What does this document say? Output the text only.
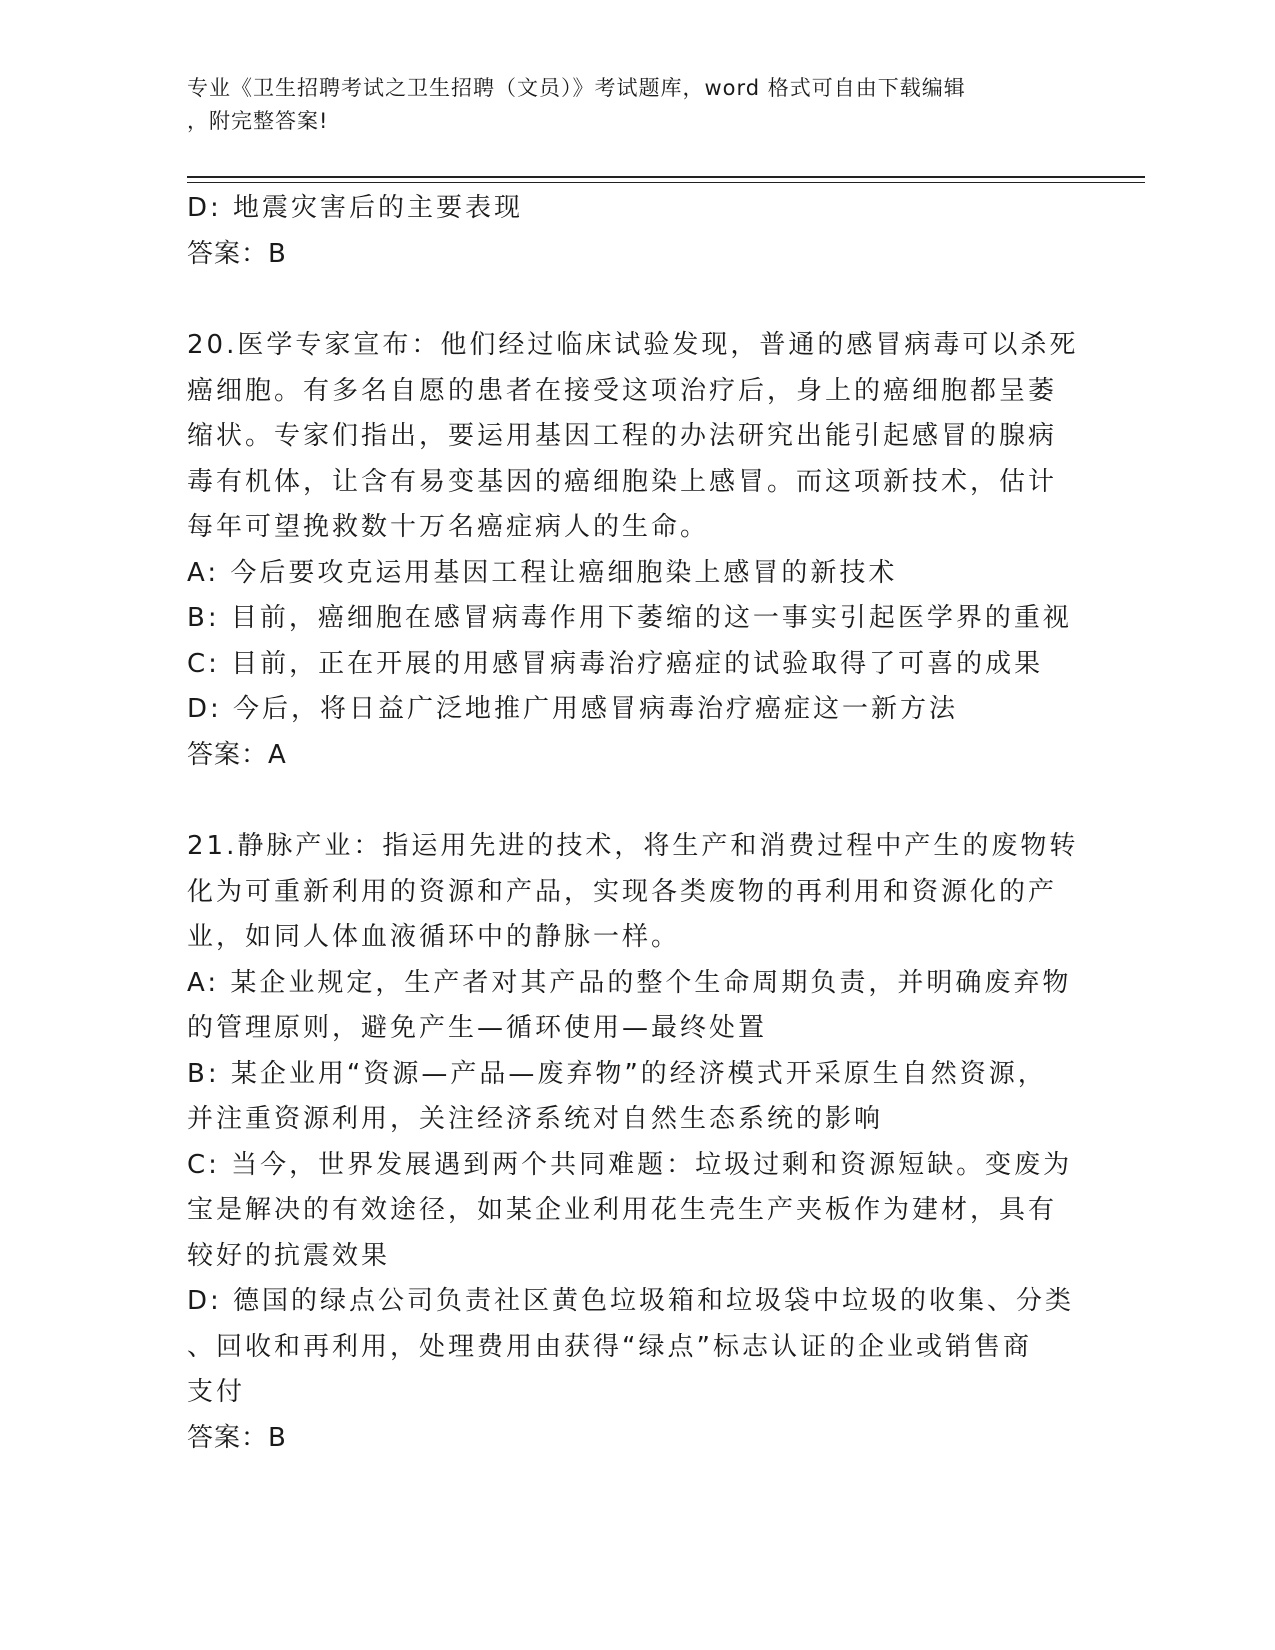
专业《卫生招聘考试之卫生招聘（文员）》考试题库，word 格式可自由下载编辑
，附完整答案!
D: 地震灾害后的主要表现
答案：B
20.医学专家宣布：他们经过临床试验发现，普通的感冒病毒可以杀死
癌细胞。有多名自愿的患者在接受这项治疗后，身上的癌细胞都呈萎
缩状。专家们指出，要运用基因工程的办法研究出能引起感冒的腺病
毒有机体，让含有易变基因的癌细胞染上感冒。而这项新技术，估计
每年可望挽救数十万名癌症病人的生命。
A: 今后要攻克运用基因工程让癌细胞染上感冒的新技术
B: 目前，癌细胞在感冒病毒作用下萎缩的这一事实引起医学界的重视
C: 目前，正在开展的用感冒病毒治疗癌症的试验取得了可喜的成果
D: 今后，将日益广泛地推广用感冒病毒治疗癌症这一新方法
答案：A
21.静脉产业：指运用先进的技术，将生产和消费过程中产生的废物转
化为可重新利用的资源和产品，实现各类废物的再利用和资源化的产
业，如同人体血液循环中的静脉一样。
A: 某企业规定，生产者对其产品的整个生命周期负责，并明确废弃物
的管理原则，避免产生—循环使用—最终处置
B: 某企业用“资源—产品—废弃物”的经济模式开采原生自然资源，
并注重资源利用，关注经济系统对自然生态系统的影响
C: 当今，世界发展遇到两个共同难题：垃圾过剩和资源短缺。变废为
宝是解决的有效途径，如某企业利用花生壳生产夹板作为建材，具有
较好的抗震效果
D: 德国的绿点公司负责社区黄色垃圾箱和垃圾袋中垃圾的收集、分类
、回收和再利用，处理费用由获得“绿点”标志认证的企业或销售商
支付
答案：B
